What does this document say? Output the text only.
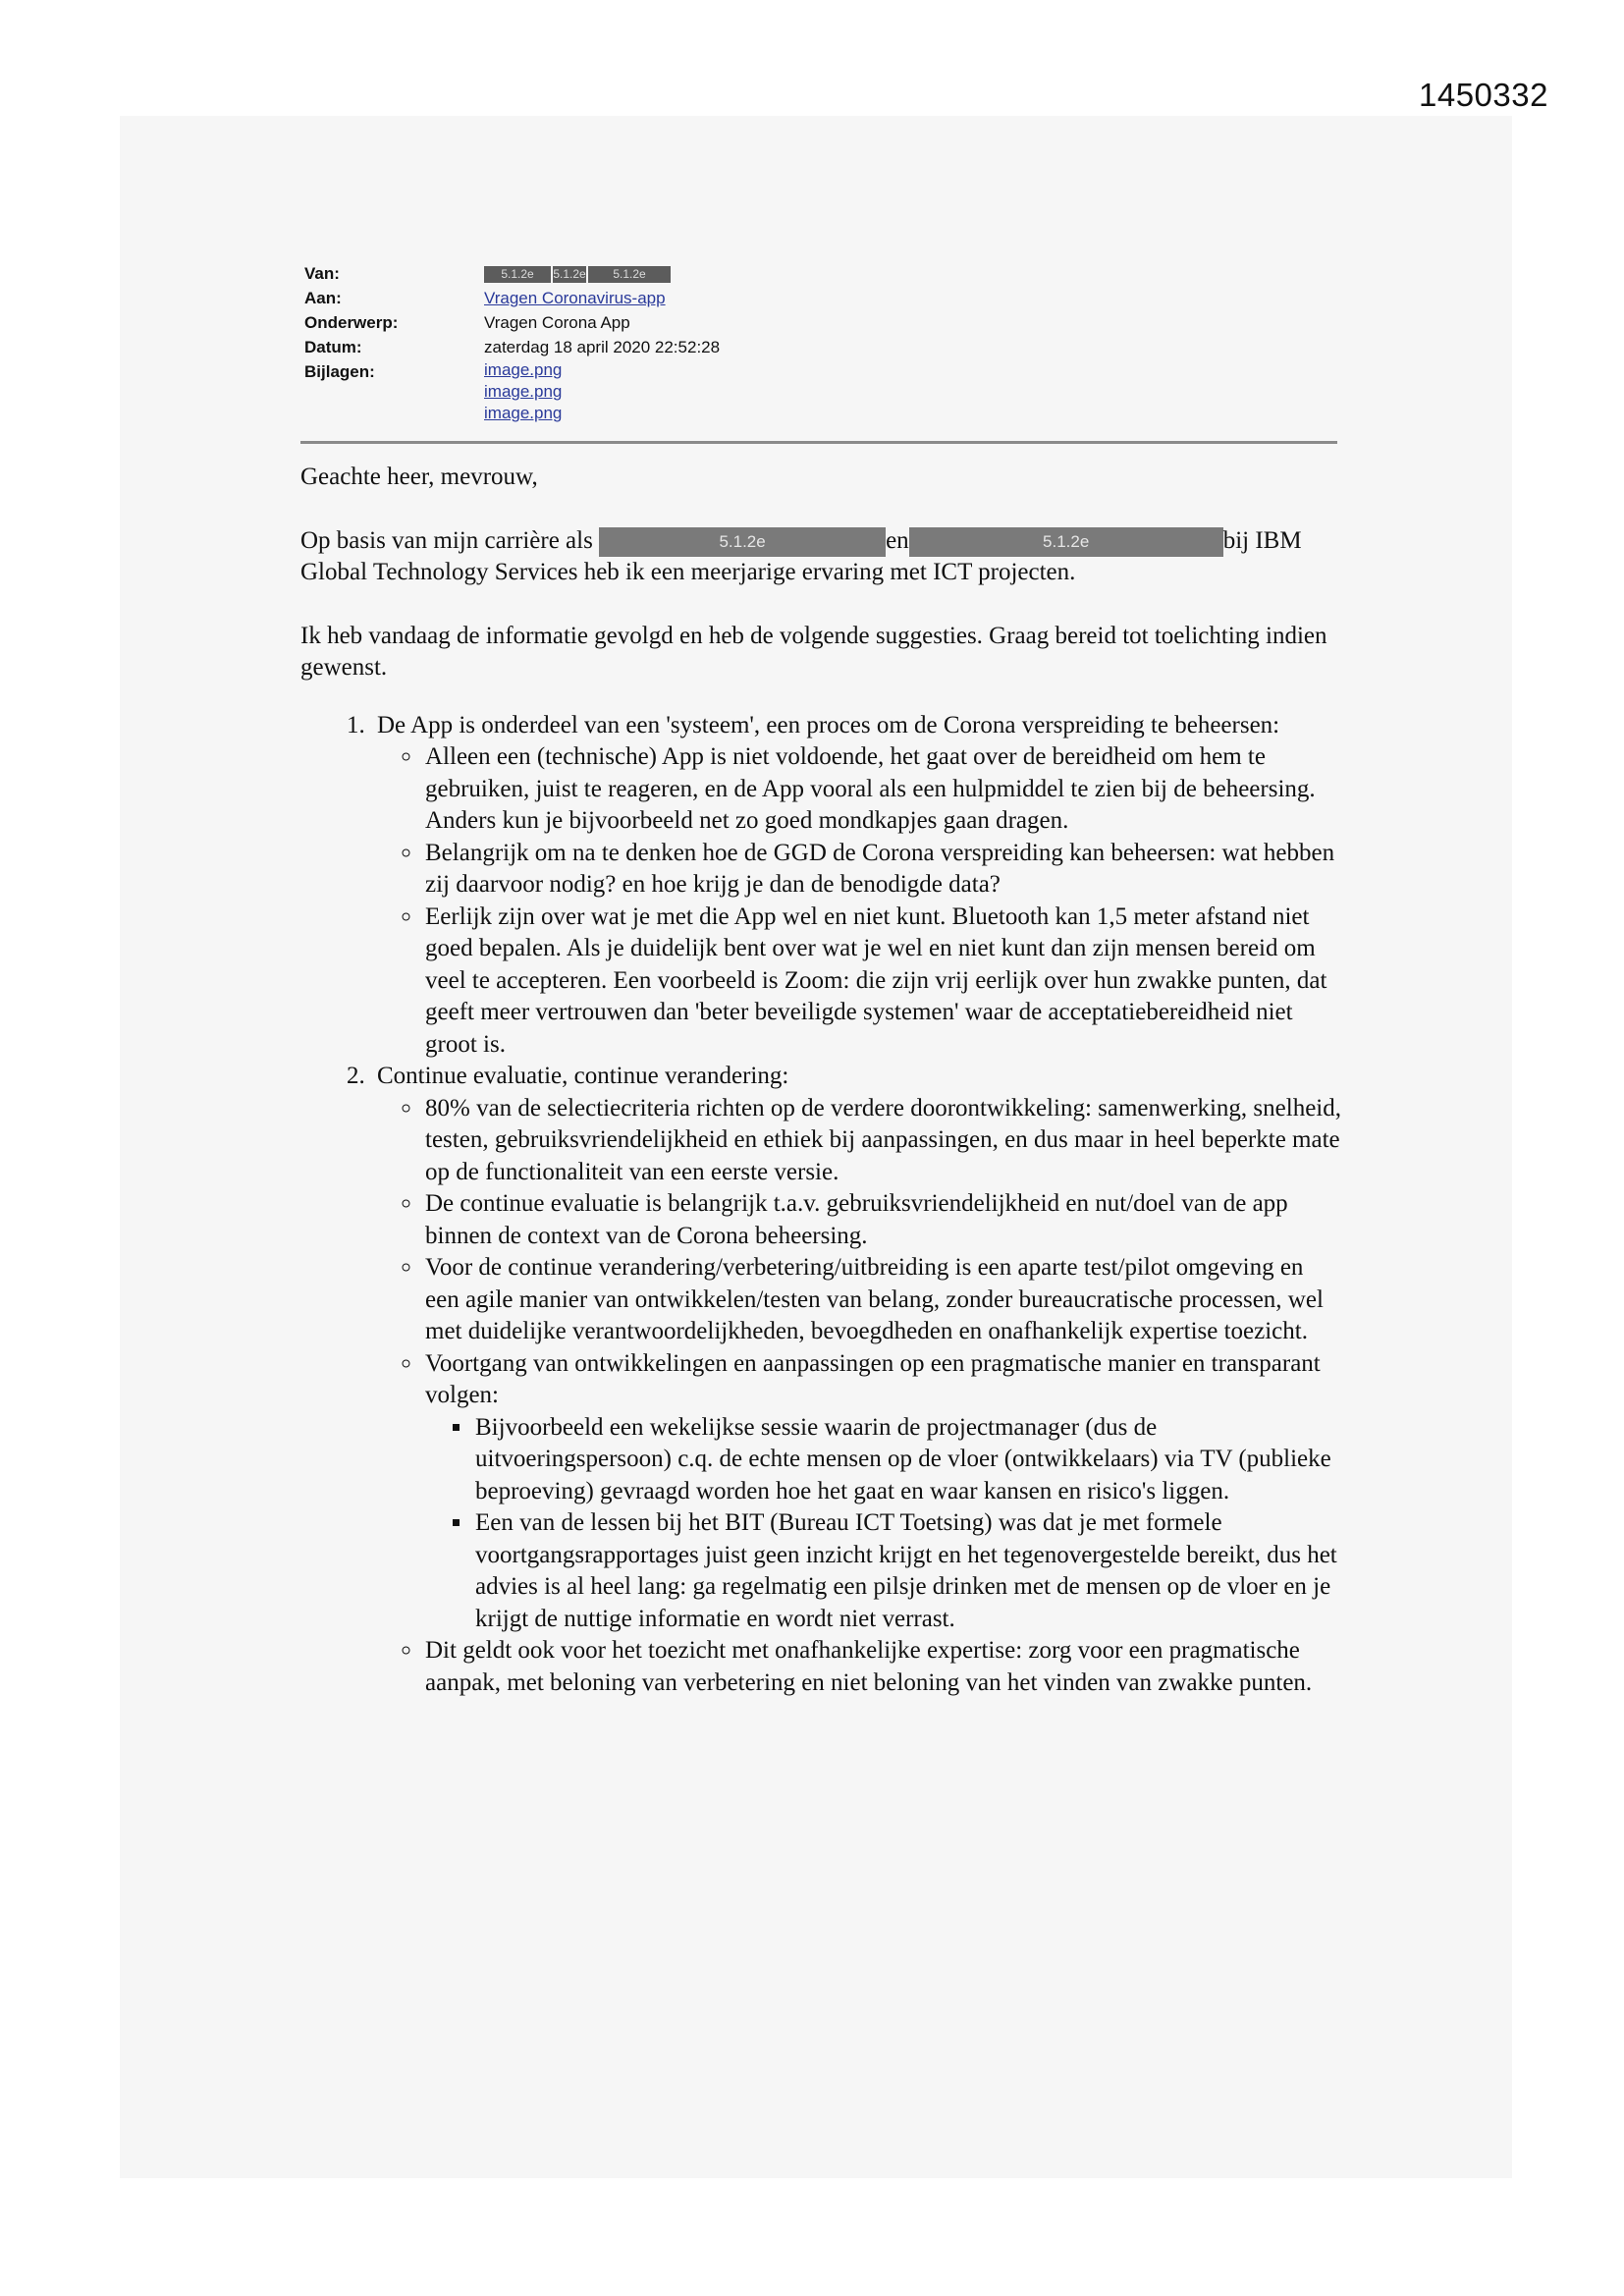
1450332
Van:	5.1.2e 5.1.2e 5.1.2e
Aan:	Vragen Coronavirus-app
Onderwerp:	Vragen Corona App
Datum:	zaterdag 18 april 2020 22:52:28
Bijlagen:	image.png
image.png
image.png

Geachte heer, mevrouw,

Op basis van mijn carrière als	5.1.2e	en	5.1.2e	bij IBM Global Technology Services heb ik een meerjarige ervaring met ICT projecten.

Ik heb vandaag de informatie gevolgd en heb de volgende suggesties. Graag bereid tot toelichting indien gewenst.

1. De App is onderdeel van een 'systeem', een proces om de Corona verspreiding te beheersen:
◦ Alleen een (technische) App is niet voldoende, het gaat over de bereidheid om hem te gebruiken, juist te reageren, en de App vooral als een hulpmiddel te zien bij de beheersing. Anders kun je bijvoorbeeld net zo goed mondkapjes gaan dragen.
◦ Belangrijk om na te denken hoe de GGD de Corona verspreiding kan beheersen: wat hebben zij daarvoor nodig? en hoe krijg je dan de benodigde data?
◦ Eerlijk zijn over wat je met die App wel en niet kunt. Bluetooth kan 1,5 meter afstand niet goed bepalen. Als je duidelijk bent over wat je wel en niet kunt dan zijn mensen bereid om veel te accepteren. Een voorbeeld is Zoom: die zijn vrij eerlijk over hun zwakke punten, dat geeft meer vertrouwen dan 'beter beveiligde systemen' waar de acceptatiebereidheid niet groot is.
2. Continue evaluatie, continue verandering:
◦ 80% van de selectiecriteria richten op de verdere doorontwikkeling: samenwerking, snelheid, testen, gebruiksvriendelijkheid en ethiek bij aanpassingen, en dus maar in heel beperkte mate op de functionaliteit van een eerste versie.
◦ De continue evaluatie is belangrijk t.a.v. gebruiksvriendelijkheid en nut/doel van de app binnen de context van de Corona beheersing.
◦ Voor de continue verandering/verbetering/uitbreiding is een aparte test/pilot omgeving en een agile manier van ontwikkelen/testen van belang, zonder bureaucratische processen, wel met duidelijke verantwoordelijkheden, bevoegdheden en onafhankelijk expertise toezicht.
◦ Voortgang van ontwikkelingen en aanpassingen op een pragmatische manier en transparant volgen:
▪ Bijvoorbeeld een wekelijkse sessie waarin de projectmanager (dus de uitvoeringspersoon) c.q. de echte mensen op de vloer (ontwikkelaars) via TV (publieke beproeving) gevraagd worden hoe het gaat en waar kansen en risico's liggen.
▪ Een van de lessen bij het BIT (Bureau ICT Toetsing) was dat je met formele voortgangsrapportages juist geen inzicht krijgt en het tegenovergestelde bereikt, dus het advies is al heel lang: ga regelmatig een pilsje drinken met de mensen op de vloer en je krijgt de nuttige informatie en wordt niet verrast.
◦ Dit geldt ook voor het toezicht met onafhankelijke expertise: zorg voor een pragmatische aanpak, met beloning van verbetering en niet beloning van het vinden van zwakke punten.
